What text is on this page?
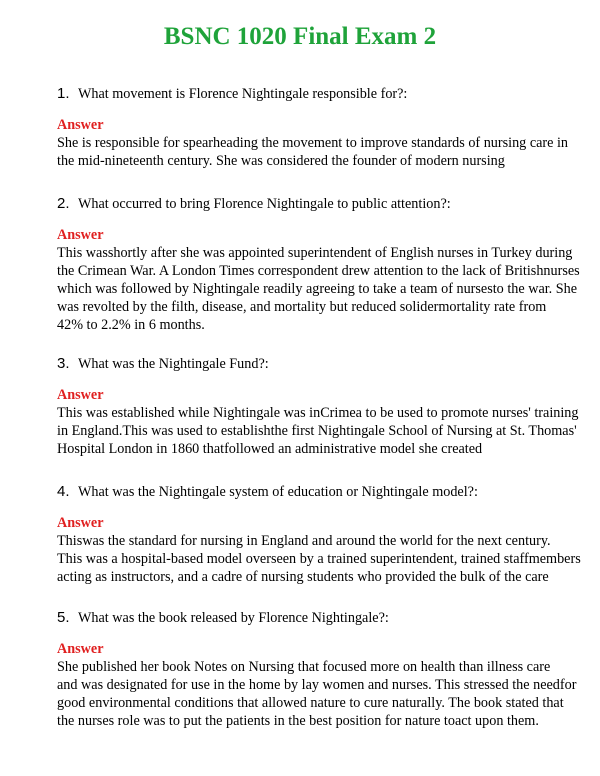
BSNC 1020 Final Exam 2
1. What movement is Florence Nightingale responsible for?:
Answer
She is responsible for spearheading the movement to improve standards of nursing care in
the mid-nineteenth century. She was considered the founder of modern nursing
2. What occurred to bring Florence Nightingale to public attention?:
Answer
This wasshortly after she was appointed superintendent of English nurses in Turkey during
the Crimean War. A London Times correspondent drew attention to the lack of Britishnurses
which was followed by Nightingale readily agreeing to take a team of nursesto the war. She
was revolted by the filth, disease, and mortality but reduced solidermortality rate from
42% to 2.2% in 6 months.
3. What was the Nightingale Fund?:
Answer
This was established while Nightingale was inCrimea to be used to promote nurses' training
in England.This was used to establishthe first Nightingale School of Nursing at St. Thomas'
Hospital London in 1860 thatfollowed an administrative model she created
4. What was the Nightingale system of education or Nightingale model?:
Answer
Thiswas the standard for nursing in England and around the world for the next century.
This was a hospital-based model overseen by a trained superintendent, trained staffmembers
acting as instructors, and a cadre of nursing students who provided the bulk of the care
5. What was the book released by Florence Nightingale?:
Answer
She published her book Notes on Nursing that focused more on health than illness care
and was designated for use in the home by lay women and nurses. This stressed the needfor
good environmental conditions that allowed nature to cure naturally. The book stated that
the nurses role was to put the patients in the best position for nature toact upon them.
